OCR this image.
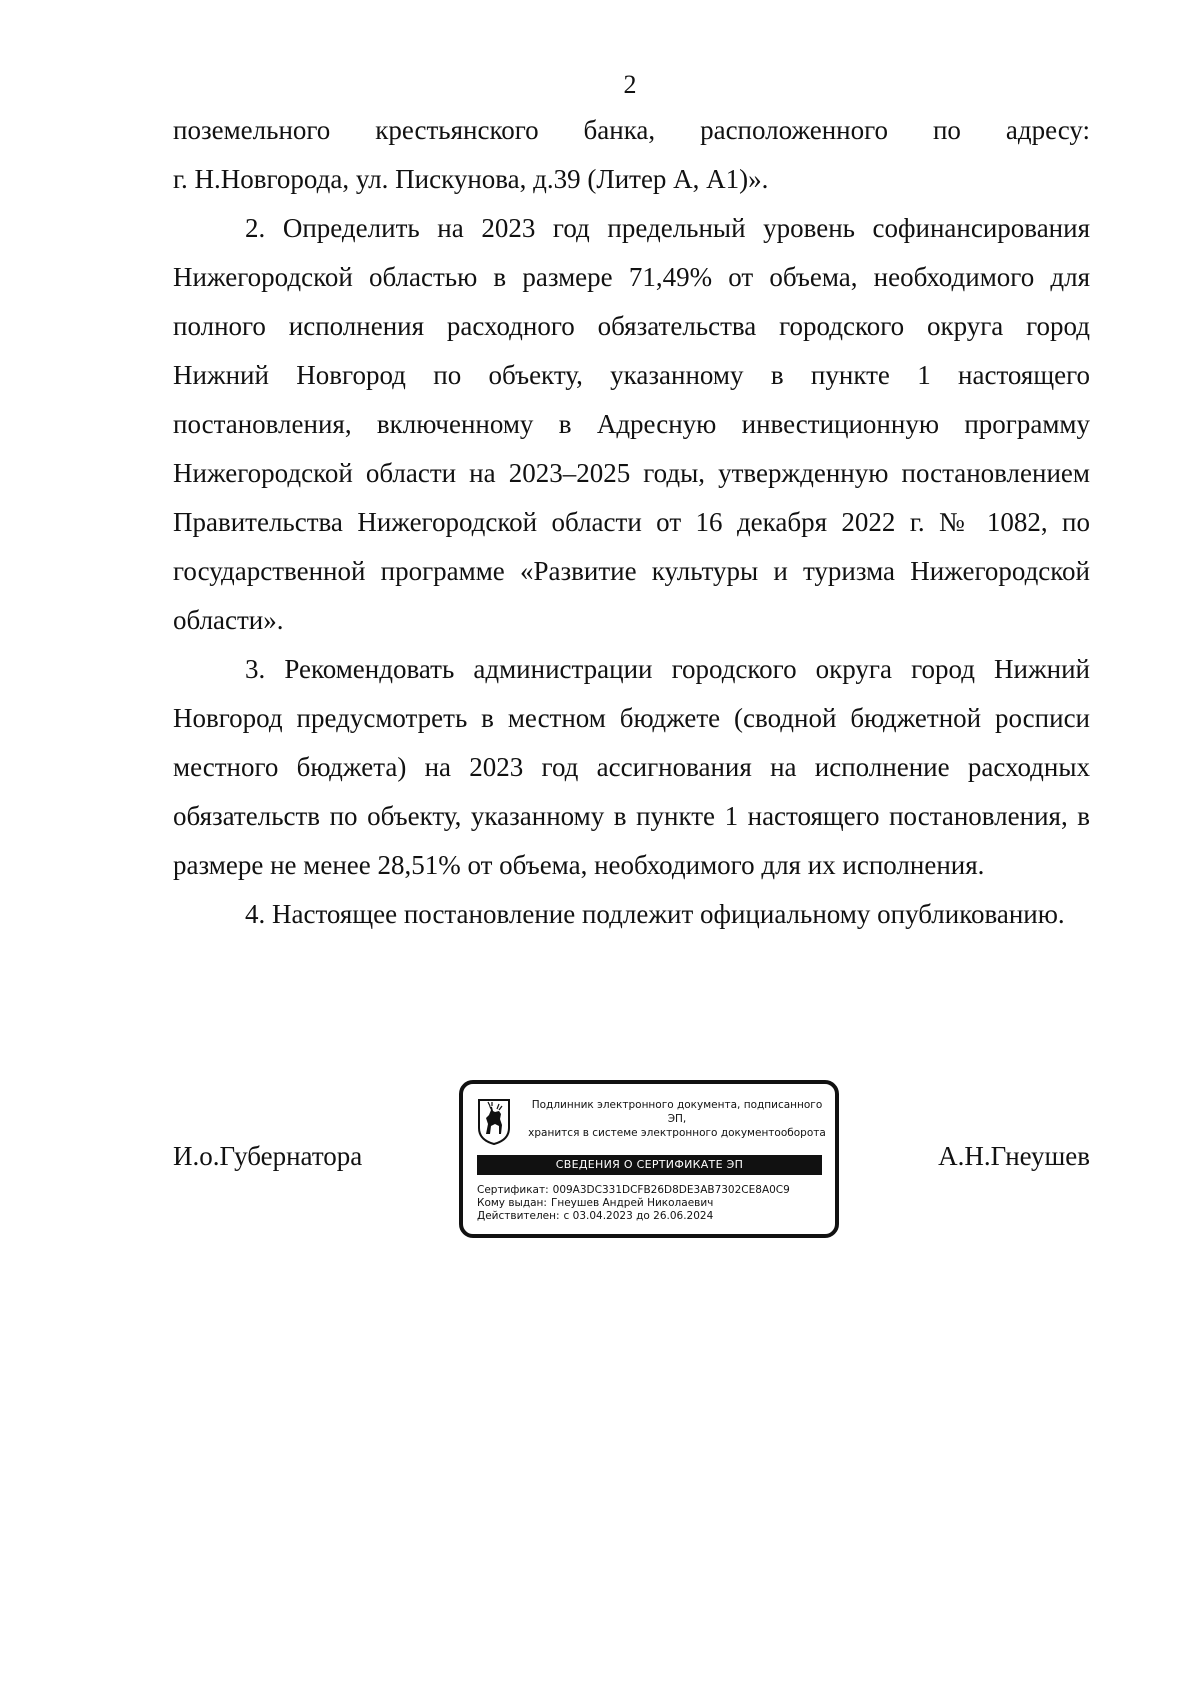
2

поземельного крестьянского банка, расположенного по адресу:

г. Н.Новгорода, ул. Пискунова, д.39 (Литер А, А1)».

2. Определить на 2023 год предельный уровень софинансирования Нижегородской областью в размере 71,49% от объема, необходимого для полного исполнения расходного обязательства городского округа город Нижний Новгород по объекту, указанному в пункте 1 настоящего постановления, включенному в Адресную инвестиционную программу Нижегородской области на 2023–2025 годы, утвержденную постановлением Правительства Нижегородской области от 16 декабря 2022 г. № 1082, по государственной программе «Развитие культуры и туризма Нижегородской области».

3. Рекомендовать администрации городского округа город Нижний Новгород предусмотреть в местном бюджете (сводной бюджетной росписи местного бюджета) на 2023 год ассигнования на исполнение расходных обязательств по объекту, указанному в пункте 1 настоящего постановления, в размере не менее 28,51% от объема, необходимого для их исполнения.

4. Настоящее постановление подлежит официальному опубликованию.

И.о.Губернатора
Подлинник электронного документа, подписанного ЭП,
хранится в системе электронного документооборота
СВЕДЕНИЯ О СЕРТИФИКАТЕ ЭП
Сертификат: 009A3DC331DCFB26D8DE3AB7302CE8A0C9
Кому выдан: Гнеушев Андрей Николаевич
Действителен: с 03.04.2023 до 26.06.2024
А.Н.Гнеушев
